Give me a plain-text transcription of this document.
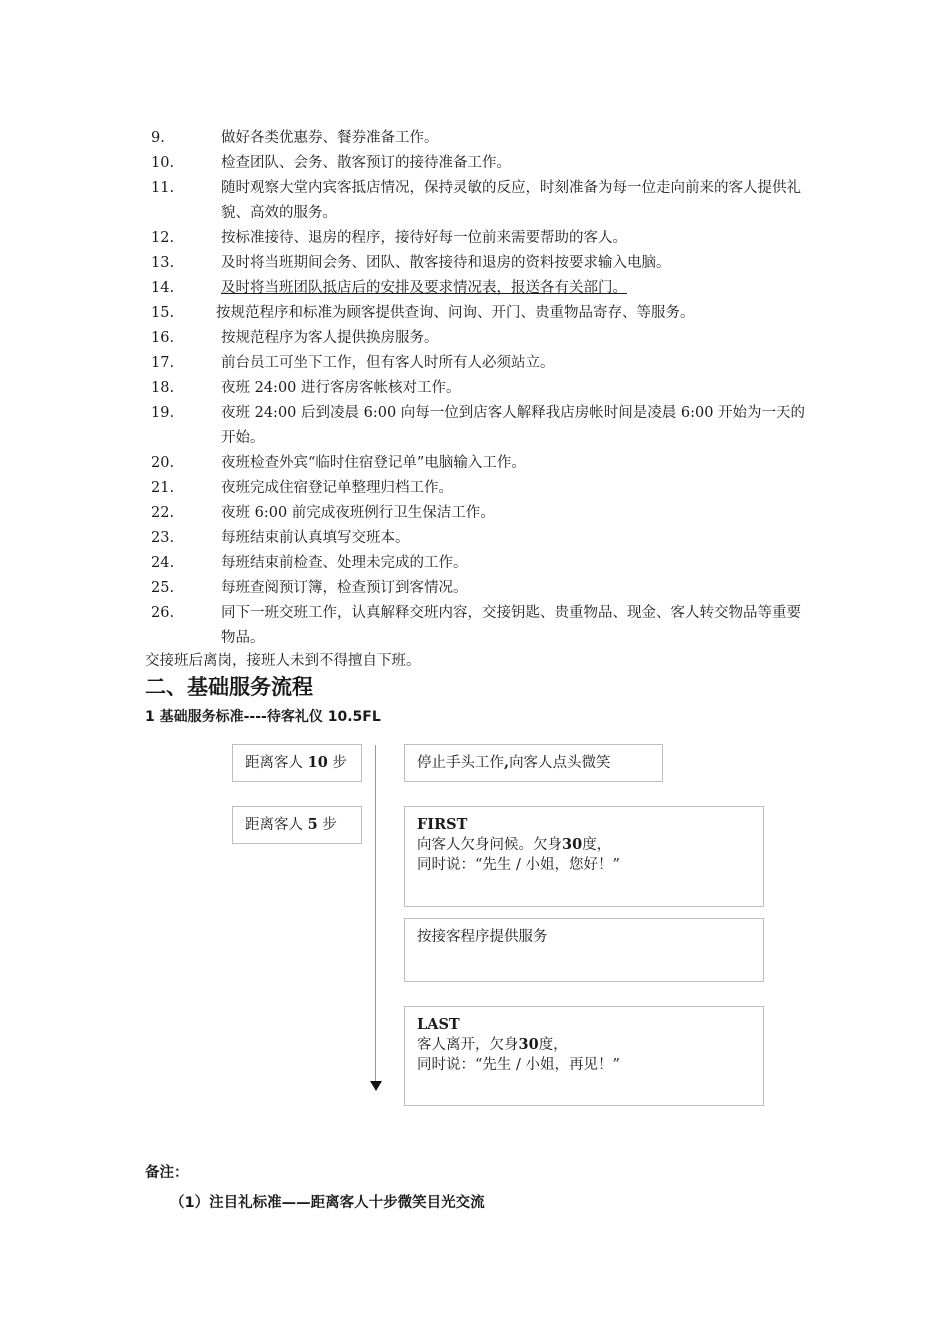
9.	做好各类优惠券、餐券准备工作。
10.	检查团队、会务、散客预订的接待准备工作。
11.	随时观察大堂内宾客抵店情况，保持灵敏的反应，时刻准备为每一位走向前来的客人提供礼貌、高效的服务。
12.	按标准接待、退房的程序，接待好每一位前来需要帮助的客人。
13.	及时将当班期间会务、团队、散客接待和退房的资料按要求输入电脑。
14.	及时将当班团队抵店后的安排及要求情况表，报送各有关部门。
15.	按规范程序和标准为顾客提供查询、问询、开门、贵重物品寄存、等服务。
16.	按规范程序为客人提供换房服务。
17.	前台员工可坐下工作，但有客人时所有人必须站立。
18.	夜班 24:00 进行客房客帐核对工作。
19.	夜班 24:00 后到凌晨 6:00 向每一位到店客人解释我店房帐时间是凌晨 6:00 开始为一天的开始。
20.	夜班检查外宾“临时住宿登记单”电脑输入工作。
21.	夜班完成住宿登记单整理归档工作。
22.	夜班 6:00 前完成夜班例行卫生保洁工作。
23.	每班结束前认真填写交班本。
24.	每班结束前检查、处理未完成的工作。
25.	每班查阅预订簿，检查预订到客情况。
26.	同下一班交班工作，认真解释交班内容，交接钥匙、贵重物品、现金、客人转交物品等重要物品。
交接班后离岗，接班人未到不得擅自下班。
二、基础服务流程
1 基础服务标准----待客礼仪 10.5FL
距离客人 10 步
距离客人 5 步
停止手头工作,向客人点头微笑
FIRST
向客人欠身问候。欠身30度，
同时说：“先生 / 小姐，您好！”
按接客程序提供服务
LAST
客人离开，欠身30度，
同时说：“先生 / 小姐，再见！”
备注：
（1）注目礼标准——距离客人十步微笑目光交流
